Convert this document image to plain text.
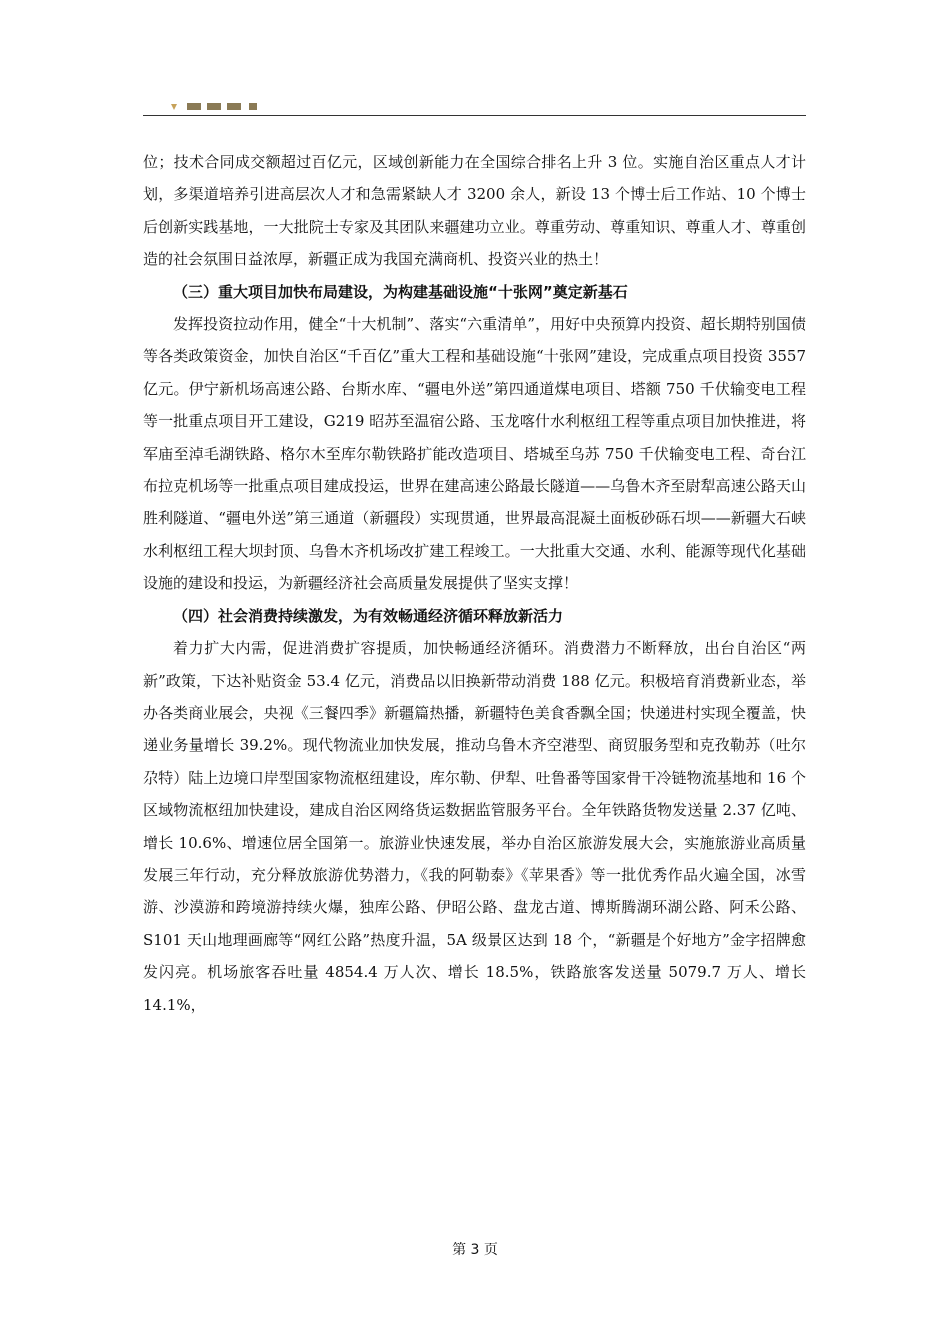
位；技术合同成交额超过百亿元，区域创新能力在全国综合排名上升 3 位。实施自治区重点人才计划，多渠道培养引进高层次人才和急需紧缺人才 3200 余人，新设 13 个博士后工作站、10 个博士后创新实践基地，一大批院士专家及其团队来疆建功立业。尊重劳动、尊重知识、尊重人才、尊重创造的社会氛围日益浓厚，新疆正成为我国充满商机、投资兴业的热土！

（三）重大项目加快布局建设，为构建基础设施“十张网”奠定新基石

发挥投资拉动作用，健全“十大机制”、落实“六重清单”，用好中央预算内投资、超长期特别国债等各类政策资金，加快自治区“千百亿”重大工程和基础设施“十张网”建设，完成重点项目投资 3557 亿元。伊宁新机场高速公路、台斯水库、“疆电外送”第四通道煤电项目、塔额 750 千伏输变电工程等一批重点项目开工建设，G219 昭苏至温宿公路、玉龙喀什水利枢纽工程等重点项目加快推进，将军庙至淖毛湖铁路、格尔木至库尔勒铁路扩能改造项目、塔城至乌苏 750 千伏输变电工程、奇台江布拉克机场等一批重点项目建成投运，世界在建高速公路最长隧道——乌鲁木齐至尉犁高速公路天山胜利隧道、“疆电外送”第三通道（新疆段）实现贯通，世界最高混凝土面板砂砾石坝——新疆大石峡水利枢纽工程大坝封顶、乌鲁木齐机场改扩建工程竣工。一大批重大交通、水利、能源等现代化基础设施的建设和投运，为新疆经济社会高质量发展提供了坚实支撑！

（四）社会消费持续激发，为有效畅通经济循环释放新活力

着力扩大内需，促进消费扩容提质，加快畅通经济循环。消费潜力不断释放，出台自治区“两新”政策，下达补贴资金 53.4 亿元，消费品以旧换新带动消费 188 亿元。积极培育消费新业态，举办各类商业展会，央视《三餐四季》新疆篇热播，新疆特色美食香飘全国；快递进村实现全覆盖，快递业务量增长 39.2%。现代物流业加快发展，推动乌鲁木齐空港型、商贸服务型和克孜勒苏（吐尔尕特）陆上边境口岸型国家物流枢纽建设，库尔勒、伊犁、吐鲁番等国家骨干冷链物流基地和 16 个区域物流枢纽加快建设，建成自治区网络货运数据监管服务平台。全年铁路货物发送量 2.37 亿吨、增长 10.6%、增速位居全国第一。旅游业快速发展，举办自治区旅游发展大会，实施旅游业高质量发展三年行动，充分释放旅游优势潜力，《我的阿勒泰》《苹果香》等一批优秀作品火遍全国，冰雪游、沙漠游和跨境游持续火爆，独库公路、伊昭公路、盘龙古道、博斯腾湖环湖公路、阿禾公路、S101 天山地理画廊等“网红公路”热度升温，5A 级景区达到 18 个，“新疆是个好地方”金字招牌愈发闪亮。机场旅客吞吐量 4854.4 万人次、增长 18.5%，铁路旅客发送量 5079.7 万人、增长 14.1%，

第 3 页
